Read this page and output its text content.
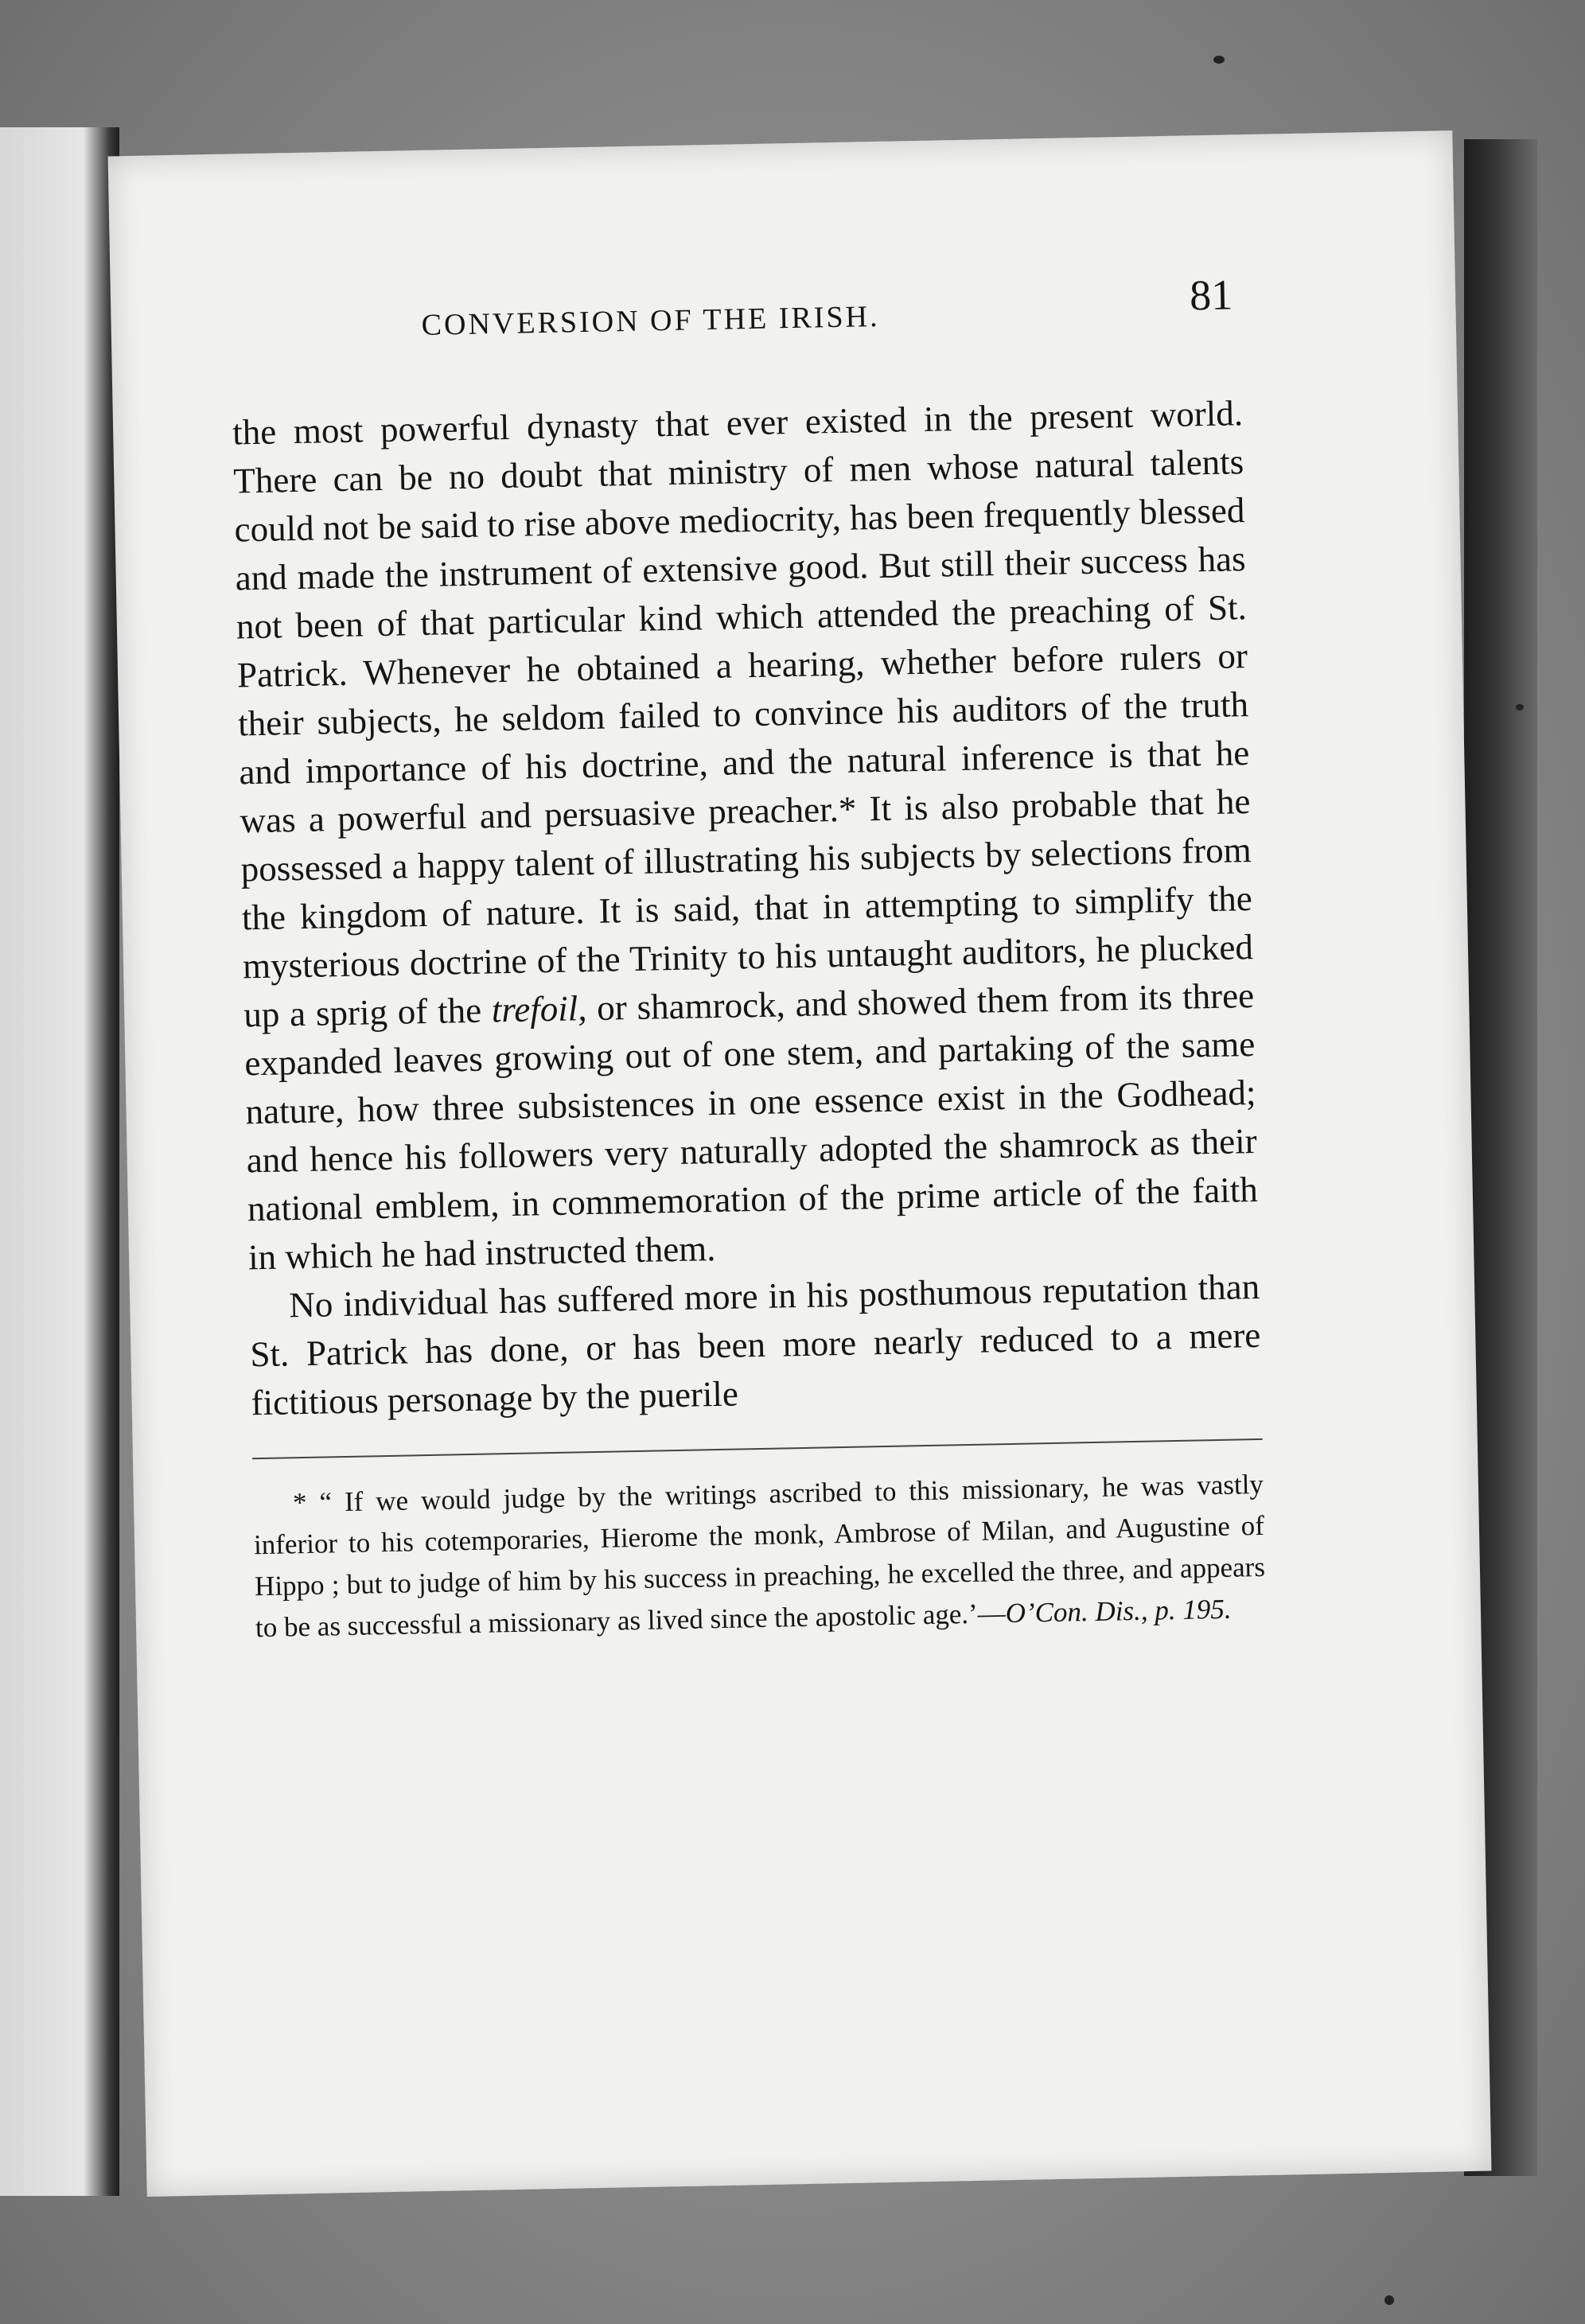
CONVERSION OF THE IRISH.
81

the most powerful dynasty that ever existed in the present world. There can be no doubt that ministry of men whose natural talents could not be said to rise above mediocrity, has been frequently blessed and made the instrument of extensive good. But still their success has not been of that particular kind which attended the preaching of St. Patrick. Whenever he obtained a hearing, whether before rulers or their subjects, he seldom failed to convince his auditors of the truth and importance of his doctrine, and the natural inference is that he was a powerful and persuasive preacher.* It is also probable that he possessed a happy talent of illustrating his subjects by selections from the kingdom of nature. It is said, that in attempting to simplify the mysterious doctrine of the Trinity to his untaught auditors, he plucked up a sprig of the trefoil, or shamrock, and showed them from its three expanded leaves growing out of one stem, and partaking of the same nature, how three subsistences in one essence exist in the Godhead; and hence his followers very naturally adopted the shamrock as their national emblem, in commemoration of the prime article of the faith in which he had instructed them.

No individual has suffered more in his posthumous reputation than St. Patrick has done, or has been more nearly reduced to a mere fictitious personage by the puerile

* “ If we would judge by the writings ascribed to this missionary, he was vastly inferior to his cotemporaries, Hierome the monk, Ambrose of Milan, and Augustine of Hippo ; but to judge of him by his success in preaching, he excelled the three, and appears to be as successful a missionary as lived since the apostolic age.’—O’Con. Dis., p. 195.
